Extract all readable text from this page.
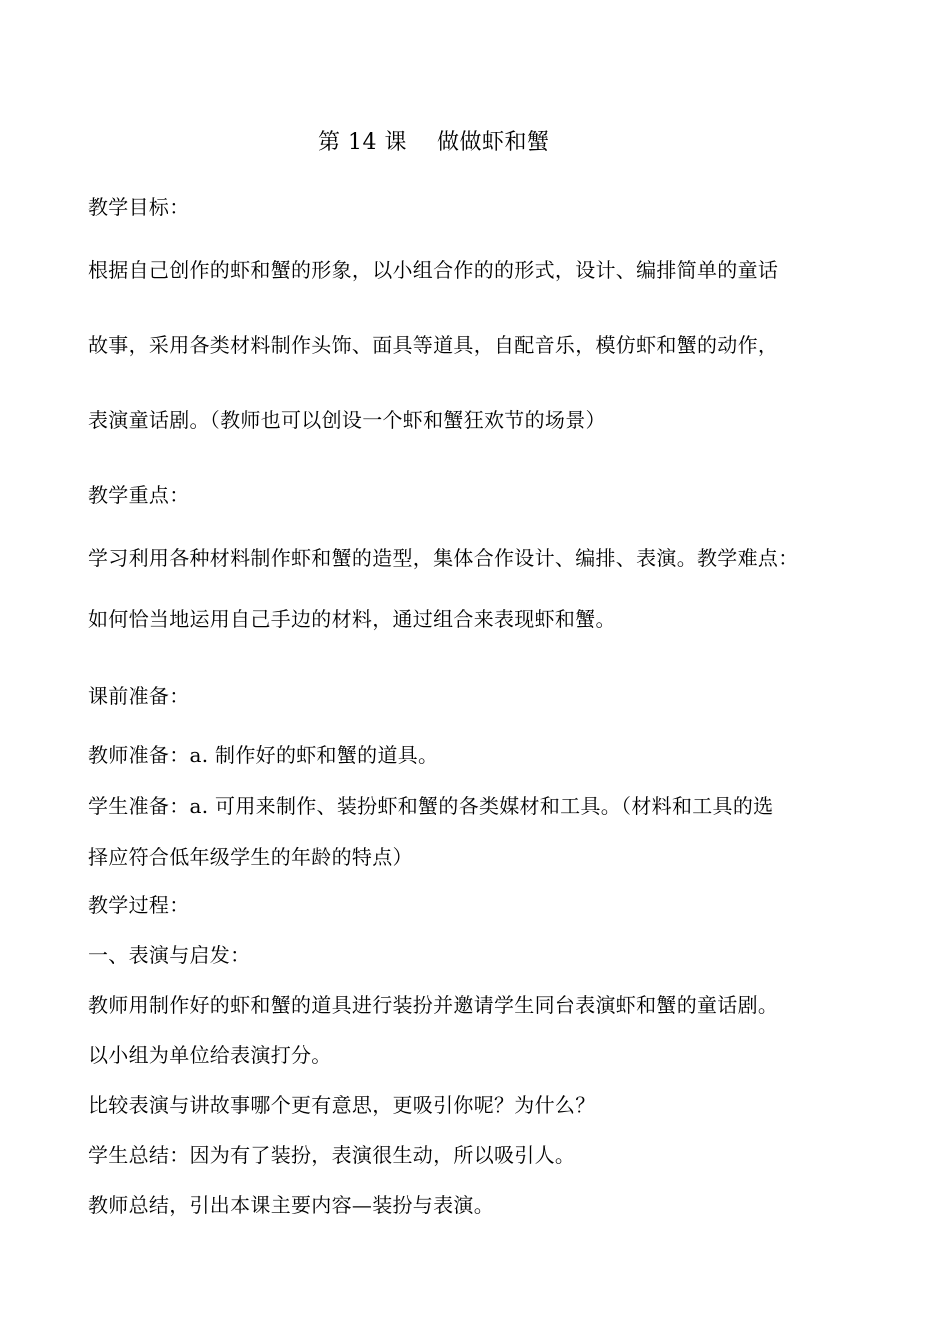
第 14 课    做做虾和蟹
教学目标：
根据自己创作的虾和蟹的形象，以小组合作的的形式，设计、编排简单的童话
故事，采用各类材料制作头饰、面具等道具，自配音乐，模仿虾和蟹的动作，
表演童话剧。（教师也可以创设一个虾和蟹狂欢节的场景）
教学重点：
学习利用各种材料制作虾和蟹的造型，集体合作设计、编排、表演。教学难点：
如何恰当地运用自己手边的材料，通过组合来表现虾和蟹。
课前准备：
教师准备：a. 制作好的虾和蟹的道具。
学生准备：a. 可用来制作、装扮虾和蟹的各类媒材和工具。（材料和工具的选
择应符合低年级学生的年龄的特点）
教学过程：
一、表演与启发：
教师用制作好的虾和蟹的道具进行装扮并邀请学生同台表演虾和蟹的童话剧。
以小组为单位给表演打分。
比较表演与讲故事哪个更有意思，更吸引你呢？为什么？
学生总结：因为有了装扮，表演很生动，所以吸引人。
教师总结，引出本课主要内容—装扮与表演。
